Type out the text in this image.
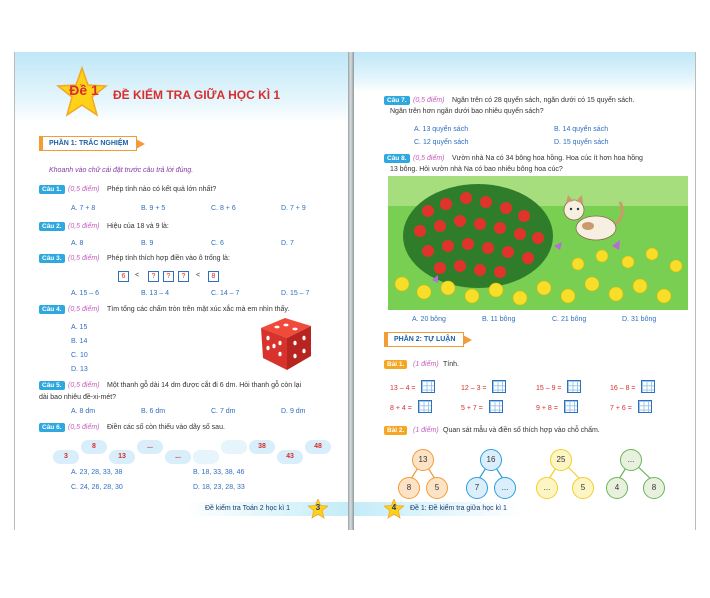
Đề 1	ĐỀ KIỂM TRA GIỮA HỌC KÌ 1
PHẦN 1: TRẮC NGHIỆM
Khoanh vào chữ cái đặt trước câu trả lời đúng.
Câu 1. (0,5 điểm) Phép tính nào có kết quả lớn nhất?
A. 7 + 8	B. 9 + 5	C. 8 + 6	D. 7 + 9
Câu 2. (0,5 điểm) Hiệu của 18 và 9 là:
A. 8	B. 9	C. 6	D. 7
Câu 3. (0,5 điểm) Phép tính thích hợp điền vào ô trống là:
6	<	?	?	?	<	8
A. 15 – 6	B. 13 – 4	C. 14 – 7	D. 15 – 7
Câu 4. (0,5 điểm) Tìm tổng các chấm tròn trên mặt xúc xắc mà em nhìn thấy.
A. 15
B. 14
C. 10
D. 13
Câu 5. (0,5 điểm) Một thanh gỗ dài 14 dm được cắt đi 6 dm. Hỏi thanh gỗ còn lại
dài bao nhiêu đề-xi-mét?
A. 8 dm	B. 6 dm	C. 7 dm	D. 9 dm
Câu 6. (0,5 điểm) Điền các số còn thiếu vào dãy số sau.
3
8
13
...
...
38
43
48
A. 23, 28, 33, 38	B. 18, 33, 38, 46
C. 24, 26, 28, 30	D. 18, 23, 28, 33
Đề kiểm tra Toán 2 học kì 1	3
Câu 7. (0,5 điểm) Ngăn trên có 28 quyển sách, ngăn dưới có 15 quyển sách.
Ngăn trên hơn ngăn dưới bao nhiêu quyển sách?
A. 13 quyển sách	B. 14 quyển sách
C. 12 quyển sách	D. 15 quyển sách
Câu 8. (0,5 điểm) Vườn nhà Na có 34 bông hoa hồng. Hoa cúc ít hơn hoa hồng
13 bông. Hỏi vườn nhà Na có bao nhiêu bông hoa cúc?
A. 20 bông	B. 11 bông	C. 21 bông	D. 31 bông
PHẦN 2: TỰ LUẬN
Bài 1.	(1 điểm) Tính.
13 – 4 =	12 – 3 =	15 – 9 =	16 – 8 =
8 + 4 =	5 + 7 =	9 + 8 =	7 + 6 =
Bài 2.	(1 điểm) Quan sát mẫu và điền số thích hợp vào chỗ chấm.
13
8	5
16
7	...
25
...	5
...
4	8
4	Đề 1: Đề kiểm tra giữa học kì 1
